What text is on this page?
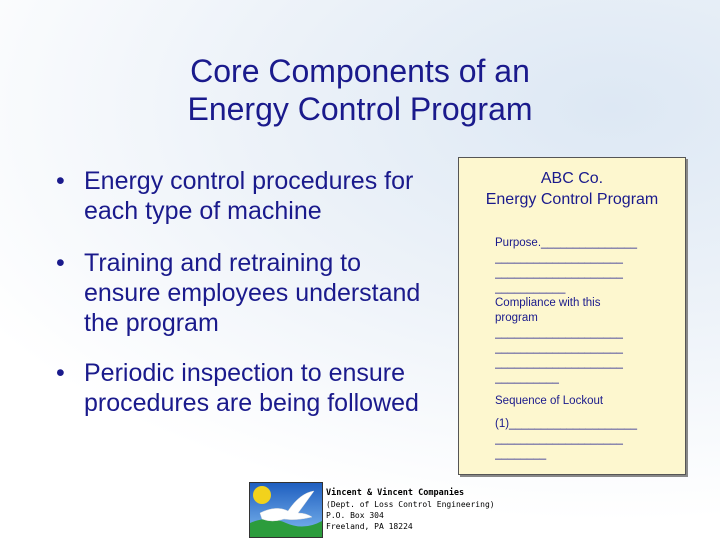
Core Components of an
Energy Control Program
• Energy control procedures for each type of machine
• Training and retraining to ensure employees understand the program
• Periodic inspection to ensure procedures are being followed
ABC Co.
Energy Control Program
Purpose._______________
____________________
____________________
___________
Compliance with this
program
____________________
____________________
____________________
__________
Sequence of Lockout
(1)____________________
____________________
________
Vincent & Vincent Companies
(Dept. of Loss Control Engineering)
P.O. Box 304
Freeland, PA 18224
